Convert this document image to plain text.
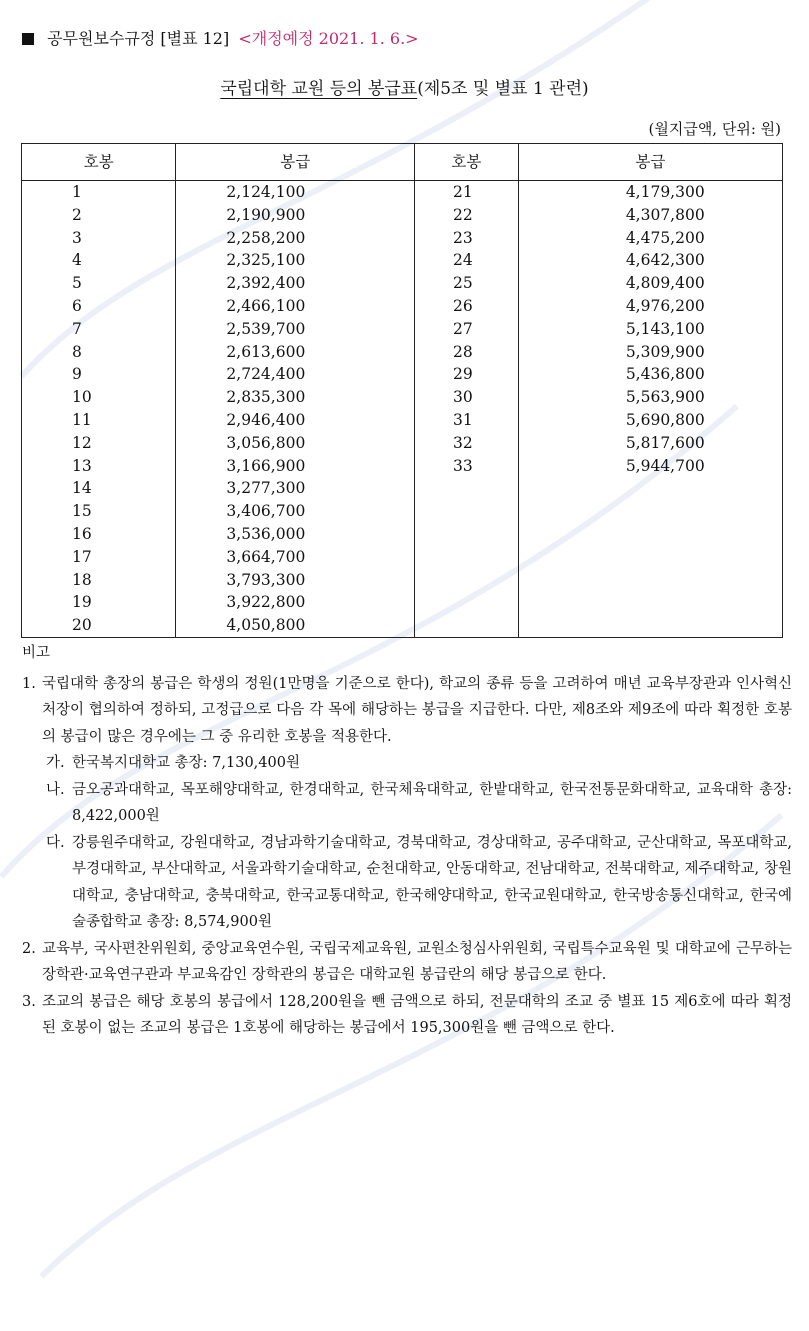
공무원보수규정 [별표 12] <개정예정 2021. 1. 6.>
국립대학 교원 등의 봉급표(제5조 및 별표 1 관련)
(월지급액, 단위: 원)
호봉	봉급	호봉	봉급
1	2,124,100	21	4,179,300
2	2,190,900	22	4,307,800
3	2,258,200	23	4,475,200
4	2,325,100	24	4,642,300
5	2,392,400	25	4,809,400
6	2,466,100	26	4,976,200
7	2,539,700	27	5,143,100
8	2,613,600	28	5,309,900
9	2,724,400	29	5,436,800
10	2,835,300	30	5,563,900
11	2,946,400	31	5,690,800
12	3,056,800	32	5,817,600
13	3,166,900	33	5,944,700
14	3,277,300		
15	3,406,700		
16	3,536,000		
17	3,664,700		
18	3,793,300		
19	3,922,800		
20	4,050,800		
비고
1. 국립대학 총장의 봉급은 학생의 정원(1만명을 기준으로 한다), 학교의 종류 등을 고려하여 매년 교육부장관과 인사혁신처장이 협의하여 정하되, 고정급으로 다음 각 목에 해당하는 봉급을 지급한다. 다만, 제8조와 제9조에 따라 획정한 호봉의 봉급이 많은 경우에는 그 중 유리한 호봉을 적용한다.
가. 한국복지대학교 총장: 7,130,400원
나. 금오공과대학교, 목포해양대학교, 한경대학교, 한국체육대학교, 한밭대학교, 한국전통문화대학교, 교육대학 총장: 8,422,000원
다. 강릉원주대학교, 강원대학교, 경남과학기술대학교, 경북대학교, 경상대학교, 공주대학교, 군산대학교, 목포대학교, 부경대학교, 부산대학교, 서울과학기술대학교, 순천대학교, 안동대학교, 전남대학교, 전북대학교, 제주대학교, 창원대학교, 충남대학교, 충북대학교, 한국교통대학교, 한국해양대학교, 한국교원대학교, 한국방송통신대학교, 한국예술종합학교 총장: 8,574,900원
2. 교육부, 국사편찬위원회, 중앙교육연수원, 국립국제교육원, 교원소청심사위원회, 국립특수교육원 및 대학교에 근무하는 장학관·교육연구관과 부교육감인 장학관의 봉급은 대학교원 봉급란의 해당 봉급으로 한다.
3. 조교의 봉급은 해당 호봉의 봉급에서 128,200원을 뺀 금액으로 하되, 전문대학의 조교 중 별표 15 제6호에 따라 획정된 호봉이 없는 조교의 봉급은 1호봉에 해당하는 봉급에서 195,300원을 뺀 금액으로 한다.
